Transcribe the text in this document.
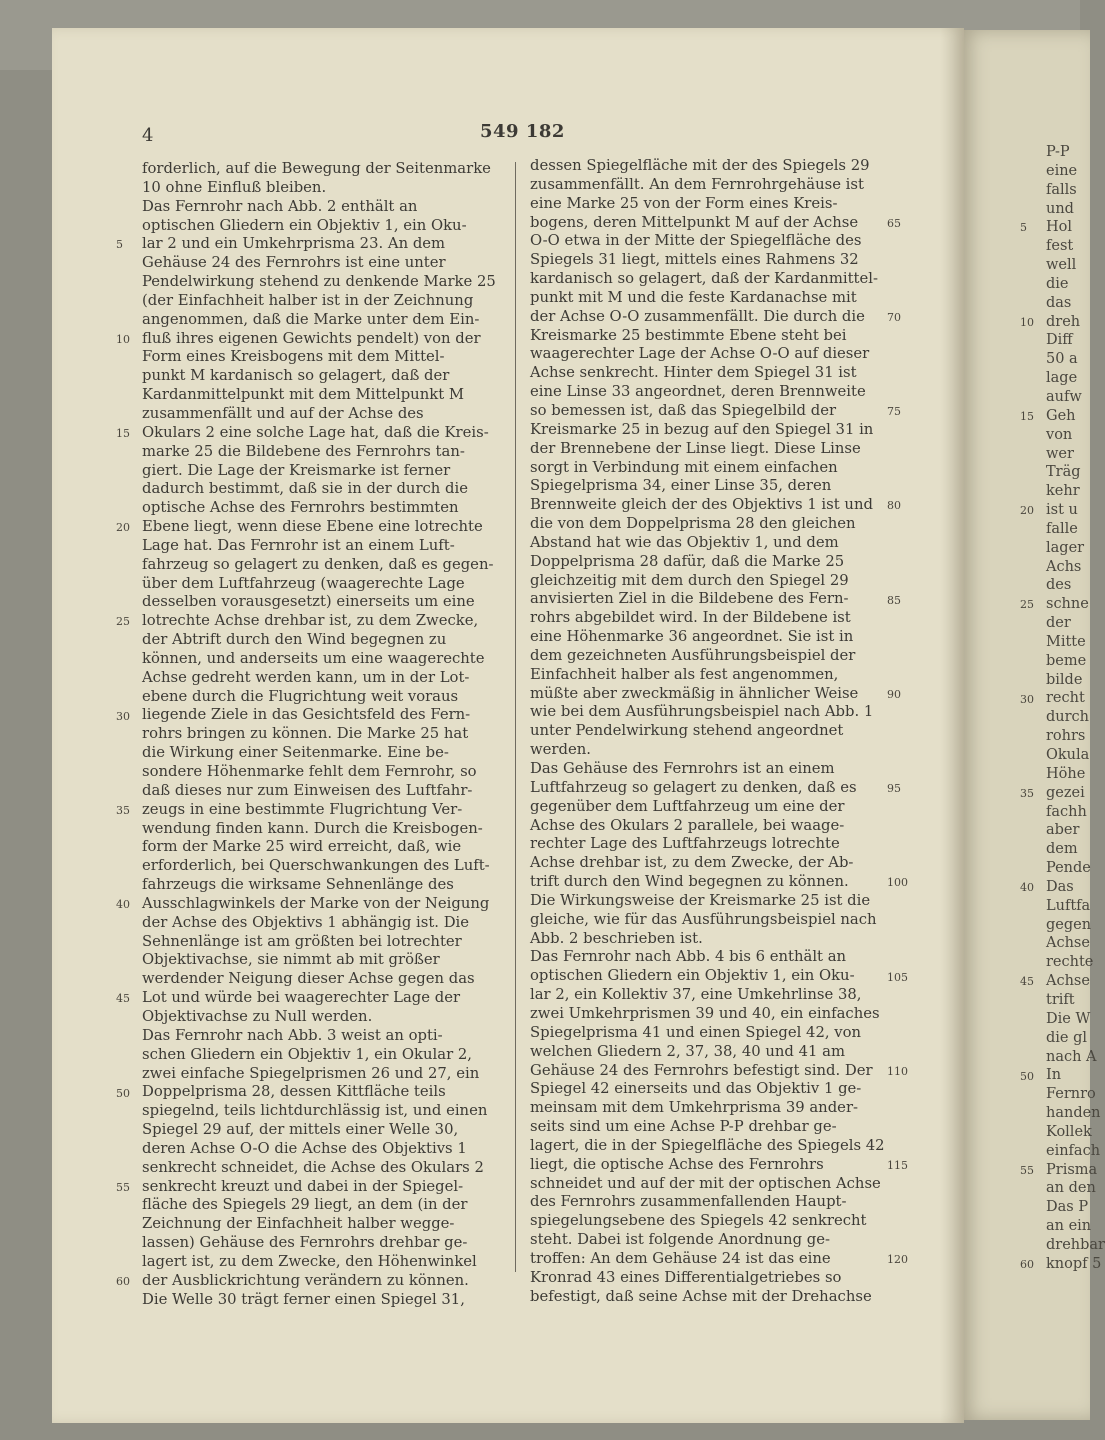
4	549 182
forderlich, auf die Bewegung der Seitenmarke
10 ohne Einfluß bleiben.
Das Fernrohr nach Abb. 2 enthält an
optischen Gliedern ein Objektiv 1, ein Oku-
lar 2 und ein Umkehrprisma 23. An dem
Gehäuse 24 des Fernrohrs ist eine unter
Pendelwirkung stehend zu denkende Marke 25
(der Einfachheit halber ist in der Zeichnung
angenommen, daß die Marke unter dem Ein-
fluß ihres eigenen Gewichts pendelt) von der
Form eines Kreisbogens mit dem Mittel-
punkt M kardanisch so gelagert, daß der
Kardanmittelpunkt mit dem Mittelpunkt M
zusammenfällt und auf der Achse des
Okulars 2 eine solche Lage hat, daß die Kreis-
marke 25 die Bildebene des Fernrohrs tan-
giert. Die Lage der Kreismarke ist ferner
dadurch bestimmt, daß sie in der durch die
optische Achse des Fernrohrs bestimmten
Ebene liegt, wenn diese Ebene eine lotrechte
Lage hat. Das Fernrohr ist an einem Luft-
fahrzeug so gelagert zu denken, daß es gegen-
über dem Luftfahrzeug (waagerechte Lage
desselben vorausgesetzt) einerseits um eine
lotrechte Achse drehbar ist, zu dem Zwecke,
der Abtrift durch den Wind begegnen zu
können, und anderseits um eine waagerechte
Achse gedreht werden kann, um in der Lot-
ebene durch die Flugrichtung weit voraus
liegende Ziele in das Gesichtsfeld des Fern-
rohrs bringen zu können. Die Marke 25 hat
die Wirkung einer Seitenmarke. Eine be-
sondere Höhenmarke fehlt dem Fernrohr, so
daß dieses nur zum Einweisen des Luftfahr-
zeugs in eine bestimmte Flugrichtung Ver-
wendung finden kann. Durch die Kreisbogen-
form der Marke 25 wird erreicht, daß, wie
erforderlich, bei Querschwankungen des Luft-
fahrzeugs die wirksame Sehnenlänge des
Ausschlagwinkels der Marke von der Neigung
der Achse des Objektivs 1 abhängig ist. Die
Sehnenlänge ist am größten bei lotrechter
Objektivachse, sie nimmt ab mit größer
werdender Neigung dieser Achse gegen das
Lot und würde bei waagerechter Lage der
Objektivachse zu Null werden.
Das Fernrohr nach Abb. 3 weist an opti-
schen Gliedern ein Objektiv 1, ein Okular 2,
zwei einfache Spiegelprismen 26 und 27, ein
Doppelprisma 28, dessen Kittfläche teils
spiegelnd, teils lichtdurchlässig ist, und einen
Spiegel 29 auf, der mittels einer Welle 30,
deren Achse O-O die Achse des Objektivs 1
senkrecht schneidet, die Achse des Okulars 2
senkrecht kreuzt und dabei in der Spiegel-
fläche des Spiegels 29 liegt, an dem (in der
Zeichnung der Einfachheit halber wegge-
lassen) Gehäuse des Fernrohrs drehbar ge-
lagert ist, zu dem Zwecke, den Höhenwinkel
der Ausblickrichtung verändern zu können.
Die Welle 30 trägt ferner einen Spiegel 31,
dessen Spiegelfläche mit der des Spiegels 29
zusammenfällt. An dem Fernrohrgehäuse ist
eine Marke 25 von der Form eines Kreis-
bogens, deren Mittelpunkt M auf der Achse
O-O etwa in der Mitte der Spiegelfläche des
Spiegels 31 liegt, mittels eines Rahmens 32
kardanisch so gelagert, daß der Kardanmittel-
punkt mit M und die feste Kardanachse mit
der Achse O-O zusammenfällt. Die durch die
Kreismarke 25 bestimmte Ebene steht bei
waagerechter Lage der Achse O-O auf dieser
Achse senkrecht. Hinter dem Spiegel 31 ist
eine Linse 33 angeordnet, deren Brennweite
so bemessen ist, daß das Spiegelbild der
Kreismarke 25 in bezug auf den Spiegel 31 in
der Brennebene der Linse liegt. Diese Linse
sorgt in Verbindung mit einem einfachen
Spiegelprisma 34, einer Linse 35, deren
Brennweite gleich der des Objektivs 1 ist und
die von dem Doppelprisma 28 den gleichen
Abstand hat wie das Objektiv 1, und dem
Doppelprisma 28 dafür, daß die Marke 25
gleichzeitig mit dem durch den Spiegel 29
anvisierten Ziel in die Bildebene des Fern-
rohrs abgebildet wird. In der Bildebene ist
eine Höhenmarke 36 angeordnet. Sie ist in
dem gezeichneten Ausführungsbeispiel der
Einfachheit halber als fest angenommen,
müßte aber zweckmäßig in ähnlicher Weise
wie bei dem Ausführungsbeispiel nach Abb. 1
unter Pendelwirkung stehend angeordnet
werden.
Das Gehäuse des Fernrohrs ist an einem
Luftfahrzeug so gelagert zu denken, daß es
gegenüber dem Luftfahrzeug um eine der
Achse des Okulars 2 parallele, bei waage-
rechter Lage des Luftfahrzeugs lotrechte
Achse drehbar ist, zu dem Zwecke, der Ab-
trift durch den Wind begegnen zu können.
Die Wirkungsweise der Kreismarke 25 ist die
gleiche, wie für das Ausführungsbeispiel nach
Abb. 2 beschrieben ist.
Das Fernrohr nach Abb. 4 bis 6 enthält an
optischen Gliedern ein Objektiv 1, ein Oku-
lar 2, ein Kollektiv 37, eine Umkehrlinse 38,
zwei Umkehrprismen 39 und 40, ein einfaches
Spiegelprisma 41 und einen Spiegel 42, von
welchen Gliedern 2, 37, 38, 40 und 41 am
Gehäuse 24 des Fernrohrs befestigt sind. Der
Spiegel 42 einerseits und das Objektiv 1 ge-
meinsam mit dem Umkehrprisma 39 ander-
seits sind um eine Achse P-P drehbar ge-
lagert, die in der Spiegelfläche des Spiegels 42
liegt, die optische Achse des Fernrohrs
schneidet und auf der mit der optischen Achse
des Fernrohrs zusammenfallenden Haupt-
spiegelungsebene des Spiegels 42 senkrecht
steht. Dabei ist folgende Anordnung ge-
troffen: An dem Gehäuse 24 ist das eine
Kronrad 43 eines Differentialgetriebes so
befestigt, daß seine Achse mit der Drehachse
P-P
eine
falls
und
Hol
fest
well
die
das
dreh
Diff
50 a
lage
aufw
Geh
von
wer
Träg
kehr
ist u
falle
lager
Achs
des
schne
der
Mitte
beme
bilde
recht
durch
rohrs
Okula
Höhe
gezei
fachh
aber
dem
Pende
Das
Luftfa
gegen
Achse
rechte
Achse
trift
Die W
die gl
nach A
In
Fernro
handen
Kollek
einfach
Prisma
an den
Das P
an ein
drehbar
knopf 5
5
10
15
20
25
30
35
40
45
50
55
60
65
70
75
80
85
90
95
100
105
110
115
120
5
10
15
20
25
30
35
40
45
50
55
60
